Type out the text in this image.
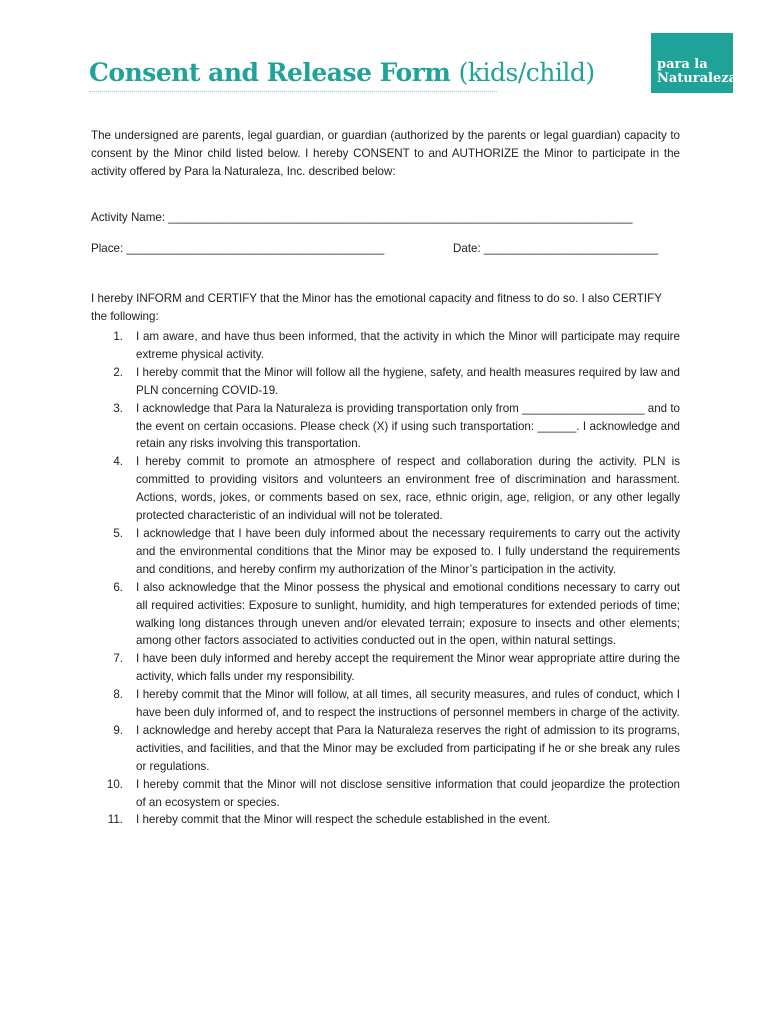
Consent and Release Form (kids/child)	para la
Naturaleza
The undersigned are parents, legal guardian, or guardian (authorized by the parents or legal guardian) capacity to consent by the Minor child listed below. I hereby CONSENT to and AUTHORIZE the Minor to participate in the activity offered by Para la Naturaleza, Inc. described below:
Activity Name: ________________________________________________________________________
Place: ________________________________________	Date: ___________________________
I hereby INFORM and CERTIFY that the Minor has the emotional capacity and fitness to do so. I also CERTIFY the following:
1. I am aware, and have thus been informed, that the activity in which the Minor will participate may require extreme physical activity.
2. I hereby commit that the Minor will follow all the hygiene, safety, and health measures required by law and PLN concerning COVID-19.
3. I acknowledge that Para la Naturaleza is providing transportation only from ___________________ and to the event on certain occasions. Please check (X) if using such transportation: ______. I acknowledge and retain any risks involving this transportation.
4. I hereby commit to promote an atmosphere of respect and collaboration during the activity. PLN is committed to providing visitors and volunteers an environment free of discrimination and harassment. Actions, words, jokes, or comments based on sex, race, ethnic origin, age, religion, or any other legally protected characteristic of an individual will not be tolerated.
5. I acknowledge that I have been duly informed about the necessary requirements to carry out the activity and the environmental conditions that the Minor may be exposed to. I fully understand the requirements and conditions, and hereby confirm my authorization of the Minor’s participation in the activity.
6. I also acknowledge that the Minor possess the physical and emotional conditions necessary to carry out all required activities: Exposure to sunlight, humidity, and high temperatures for extended periods of time; walking long distances through uneven and/or elevated terrain; exposure to insects and other elements; among other factors associated to activities conducted out in the open, within natural settings.
7. I have been duly informed and hereby accept the requirement the Minor wear appropriate attire during the activity, which falls under my responsibility.
8. I hereby commit that the Minor will follow, at all times, all security measures, and rules of conduct, which I have been duly informed of, and to respect the instructions of personnel members in charge of the activity.
9. I acknowledge and hereby accept that Para la Naturaleza reserves the right of admission to its programs, activities, and facilities, and that the Minor may be excluded from participating if he or she break any rules or regulations.
10. I hereby commit that the Minor will not disclose sensitive information that could jeopardize the protection of an ecosystem or species.
11. I hereby commit that the Minor will respect the schedule established in the event.
